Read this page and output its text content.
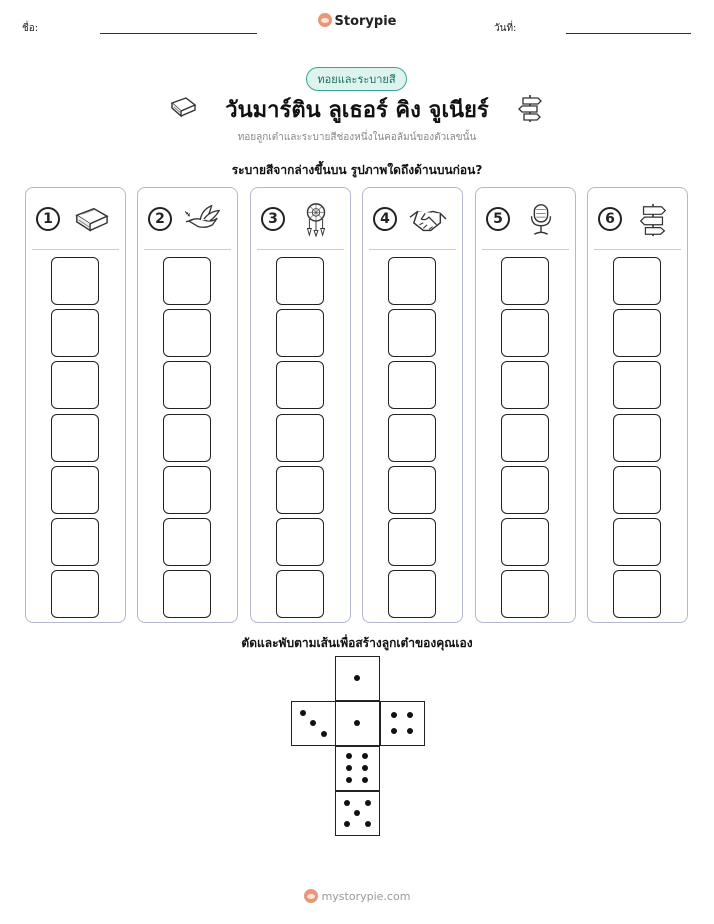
ชื่อ:	Storypie	วันที่:
ทอยและระบายสี
วันมาร์ติน ลูเธอร์ คิง จูเนียร์
ทอยลูกเต๋าและระบายสีช่องหนึ่งในคอลัมน์ของตัวเลขนั้น
ระบายสีจากล่างขึ้นบน รูปภาพใดถึงด้านบนก่อน?
1	2	3	4	5	6
ตัดและพับตามเส้นเพื่อสร้างลูกเต๋าของคุณเอง
mystorypie.com
